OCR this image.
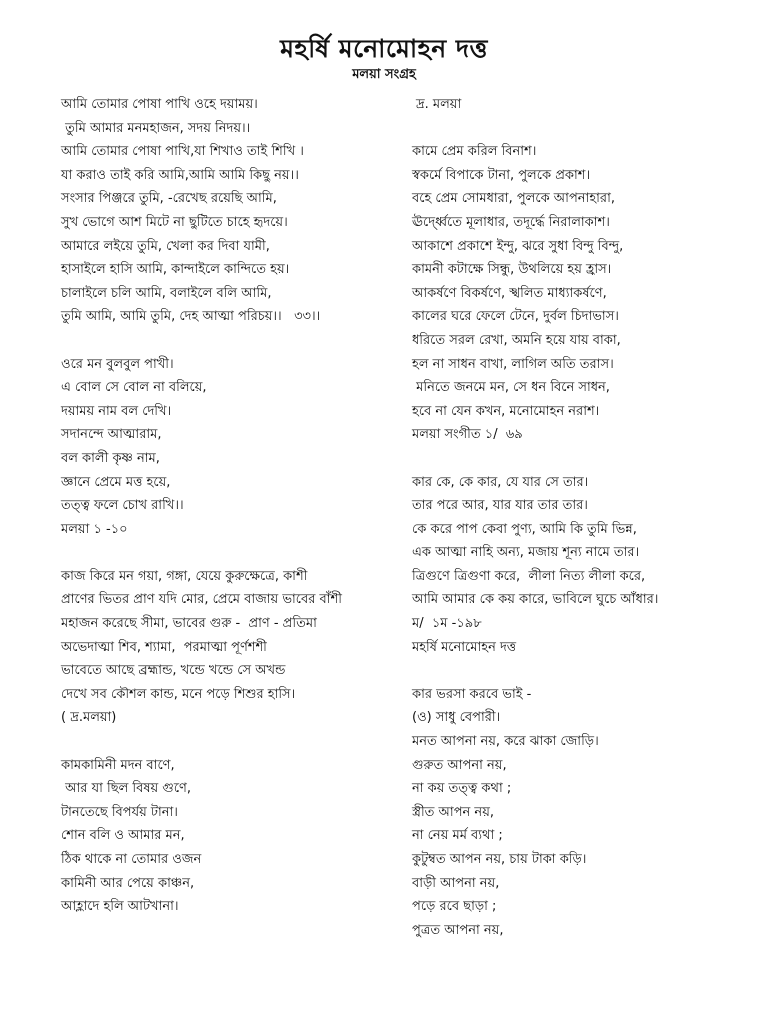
মহর্ষি মনোমোহন দত্ত
মলয়া সংগ্রহ
আমি তোমার পোষা পাখি ওহে দয়াময়।
তুমি আমার মনমহাজন, সদয় নিদয়।।
আমি তোমার পোষা পাখি,যা শিখাও তাই শিখি ।
যা করাও তাই করি আমি,আমি আমি কিছু নয়।।
সংসার পিঞ্জরে তুমি, -রেখেছ রয়েছি আমি,
সুখ ভোগে আশ মিটে না ছুটিতে চাহে হৃদয়ে।
আমারে লইয়ে তুমি, খেলা কর দিবা যামী,
হাসাইলে হাসি আমি, কান্দাইলে কান্দিতে হয়।
চালাইলে চলি আমি, বলাইলে বলি আমি,
তুমি আমি, আমি তুমি, দেহ আত্মা পরিচয়।।   ৩৩।।
ওরে মন বুলবুল পাখী।
এ বোল সে বোল না বলিয়ে,
দয়াময় নাম বল দেখি।
সদানন্দে আত্মারাম,
বল কালী কৃষ্ণ নাম,
জ্ঞানে প্রেমে মত্ত হয়ে,
তত্ত্ব ফলে চোখ রাখি।।
মলয়া ১ -১০
কাজ কিরে মন গয়া, গঙ্গা, যেয়ে কুরুক্ষেত্রে, কাশী
প্রাণের ভিতর প্রাণ যদি মোর, প্রেমে বাজায় ভাবের বাঁশী
মহাজন করেছে সীমা, ভাবের গুরু -  প্রাণ - প্রতিমা
অভেদাত্মা শিব, শ্যামা,  পরমাত্মা পূর্ণশশী
ভাবেতে আছে ব্রহ্মান্ড, খন্ডে খন্ডে সে অখন্ড
দেখে সব কৌশল কান্ড, মনে পড়ে শিশুর হাসি।
( দ্র.মলয়া)
কামকামিনী মদন বাণে,
আর যা ছিল বিষয় গুণে,
টানতেছে বিপর্যয় টানা।
শোন বলি ও আমার মন,
ঠিক থাকে না তোমার ওজন
কামিনী আর পেয়ে কাঞ্চন,
আহ্লাদে হলি আটখানা।
দ্র. মলয়া
কামে প্রেম করিল বিনাশ।
স্বকর্মে বিপাকে টানা, পুলকে প্রকাশ।
বহে প্রেম সোমধারা, পুলকে আপনাহারা,
ঊর্দ্ধ্বেতে মূলাধার, তদূর্দ্ধে নিরালাকাশ।
আকাশে প্রকাশে ইন্দু, ঝরে সুধা বিন্দু বিন্দু,
কামনী কটাক্ষে সিন্ধু, উথলিয়ে হয় হ্রাস।
আকর্ষণে বিকর্ষণে, স্খলিত মাধ্যাকর্ষণে,
কালের ঘরে ফেলে টেনে, দুর্বল চিদাভাস।
ধরিতে সরল রেখা, অমনি হয়ে যায় বাকা,
হল না সাধন বাখা, লাগিল অতি তরাস।
মনিতে জনমে মন, সে ধন বিনে সাধন,
হবে না যেন কখন, মনোমোহন নরাশ।
মলয়া সংগীত ১/  ৬৯
কার কে, কে কার, যে যার সে তার।
তার পরে আর, যার যার তার তার।
কে করে পাপ কেবা পুণ্য, আমি কি তুমি ভিন্ন,
এক আত্মা নাহি অন্য, মজায় শূন্য নামে তার।
ত্রিগুণে ত্রিগুণা করে,  লীলা নিত্য লীলা করে,
আমি আমার কে কয় কারে, ভাবিলে ঘুচে আঁধার।
ম/  ১ম -১৯৮
মহর্ষি মনোমোহন দত্ত
কার ভরসা করবে ভাই -
(ও) সাধু বেপারী।
মনত আপনা নয়, করে ঝাকা জোড়ি।
গুরুত আপনা নয়,
না কয় তত্ত্ব কথা ;
স্ত্রীত আপন নয়,
না নেয় মর্ম ব্যথা ;
কুটুম্বত আপন নয়, চায় টাকা কড়ি।
বাড়ী আপনা নয়,
পড়ে রবে ছাড়া ;
পুত্রত আপনা নয়,
